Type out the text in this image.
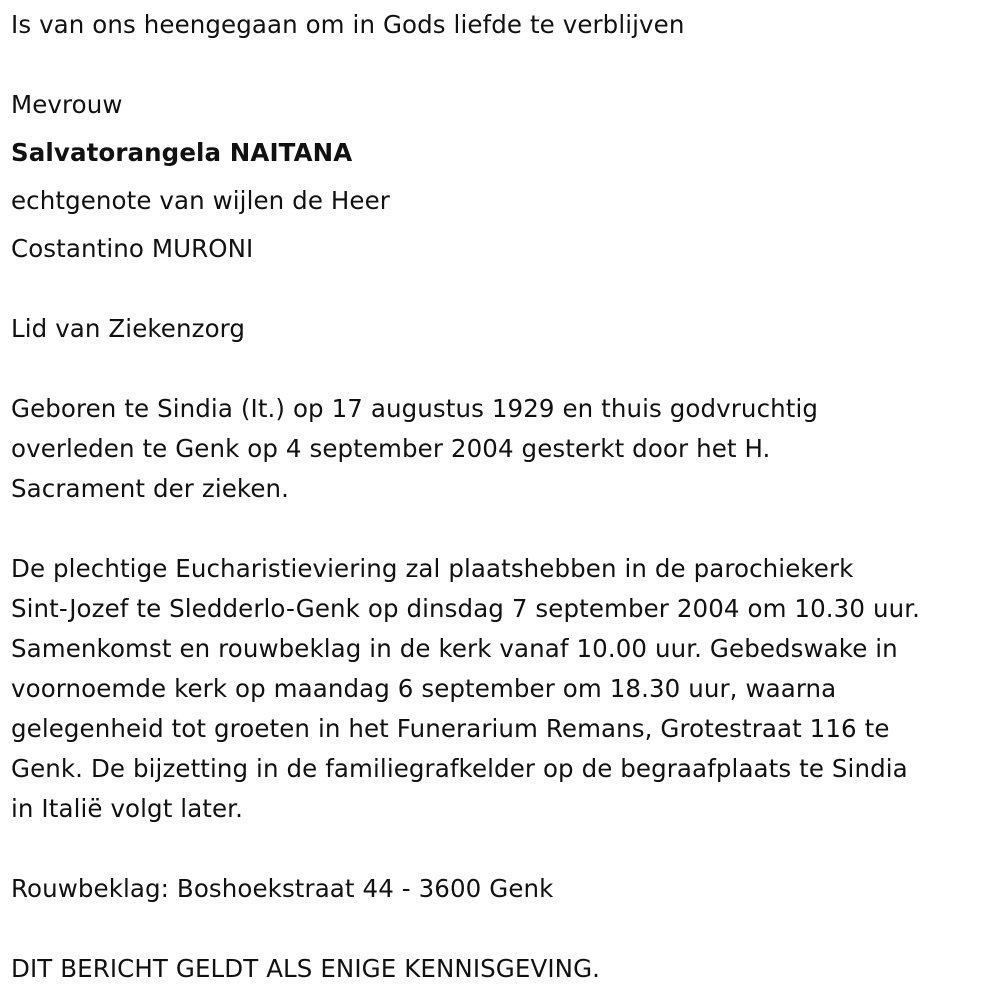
Is van ons heengegaan om in Gods liefde te verblijven
Mevrouw
Salvatorangela NAITANA
echtgenote van wijlen de Heer
Costantino MURONI
Lid van Ziekenzorg
Geboren te Sindia (It.) op 17 augustus 1929 en thuis godvruchtig
overleden te Genk op 4 september 2004 gesterkt door het H.
Sacrament der zieken.
De plechtige Eucharistieviering zal plaatshebben in de parochiekerk
Sint-Jozef te Sledderlo-Genk op dinsdag 7 september 2004 om 10.30 uur.
Samenkomst en rouwbeklag in de kerk vanaf 10.00 uur. Gebedswake in
voornoemde kerk op maandag 6 september om 18.30 uur, waarna
gelegenheid tot groeten in het Funerarium Remans, Grotestraat 116 te
Genk. De bijzetting in de familiegrafkelder op de begraafplaats te Sindia
in Italië volgt later.
Rouwbeklag: Boshoekstraat 44 - 3600 Genk
DIT BERICHT GELDT ALS ENIGE KENNISGEVING.
